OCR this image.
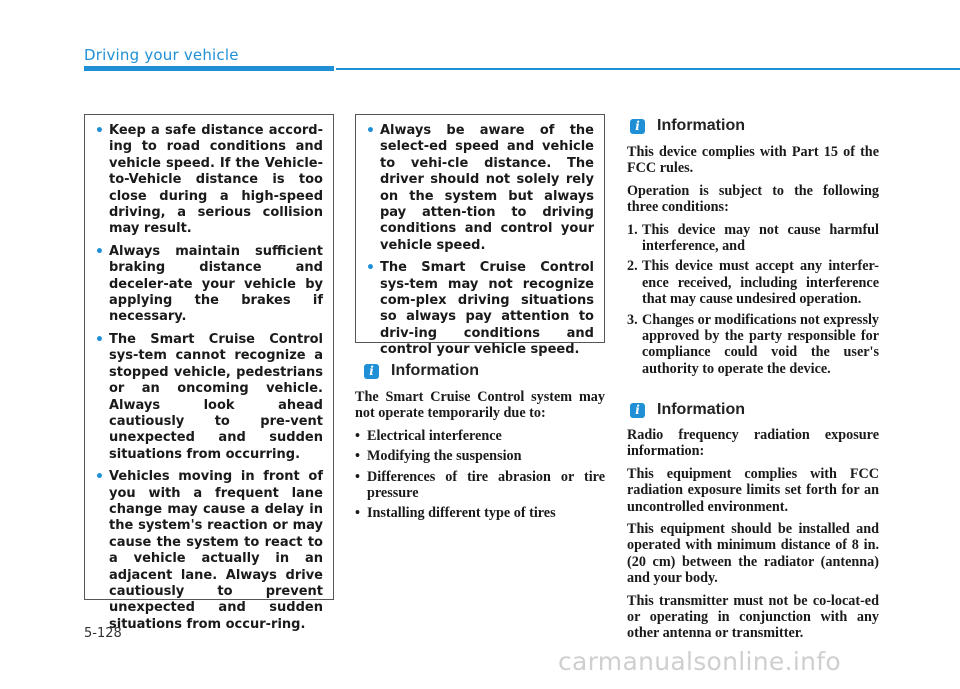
Driving your vehicle
• Keep a safe distance accord-ing to road conditions and vehicle speed. If the Vehicle-to-Vehicle distance is too close during a high-speed driving, a serious collision may result.
• Always maintain sufficient braking distance and deceler-ate your vehicle by applying the brakes if necessary.
• The Smart Cruise Control sys-tem cannot recognize a stopped vehicle, pedestrians or an oncoming vehicle. Always look ahead cautiously to pre-vent unexpected and sudden situations from occurring.
• Vehicles moving in front of you with a frequent lane change may cause a delay in the system's reaction or may cause the system to react to a vehicle actually in an adjacent lane. Always drive cautiously to prevent unexpected and sudden situations from occur-ring.
• Always be aware of the select-ed speed and vehicle to vehi-cle distance. The driver should not solely rely on the system but always pay atten-tion to driving conditions and control your vehicle speed.
• The Smart Cruise Control sys-tem may not recognize com-plex driving situations so always pay attention to driv-ing conditions and control your vehicle speed.
i	Information

The Smart Cruise Control system may not operate temporarily due to:

• Electrical interference
• Modifying the suspension
• Differences of tire abrasion or tire pressure
• Installing different type of tires
i	Information

This device complies with Part 15 of the FCC rules.

Operation is subject to the following three conditions:

1. This device may not cause harmful interference, and
2. This device must accept any interfer-ence received, including interference that may cause undesired operation.
3. Changes or modifications not expressly approved by the party responsible for compliance could void the user's authority to operate the device.
i	Information

Radio frequency radiation exposure information:

This equipment complies with FCC radiation exposure limits set forth for an uncontrolled environment.

This equipment should be installed and operated with minimum distance of 8 in. (20 cm) between the radiator (antenna) and your body.

This transmitter must not be co-locat-ed or operating in conjunction with any other antenna or transmitter.

5-128
carmanualsonline.info
